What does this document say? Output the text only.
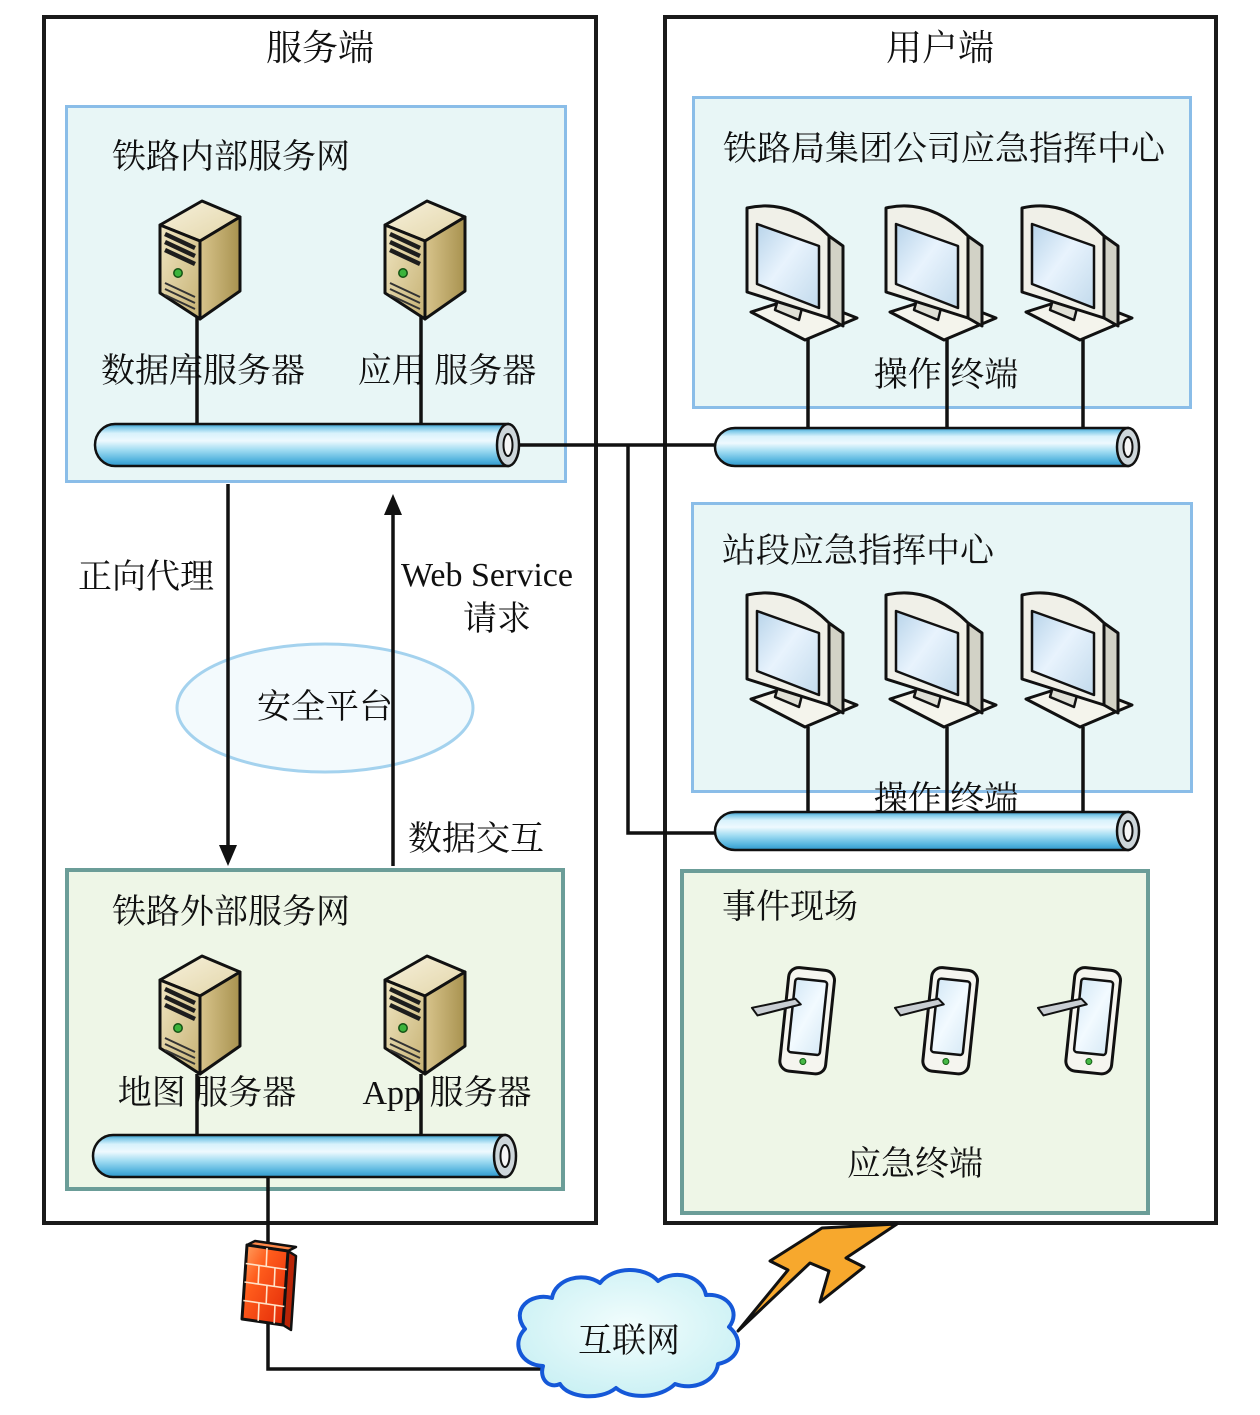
服务端	用户端
铁路内部服务网
数据库服务器 应用 服务器
正向代理	Web Service
请求
安全平台
数据交互
铁路外部服务网
地图 服务器 App 服务器
铁路局集团公司应急指挥中心
操作 终端
站段应急指挥中心
操作 终端
事件现场
应急终端
互联网
